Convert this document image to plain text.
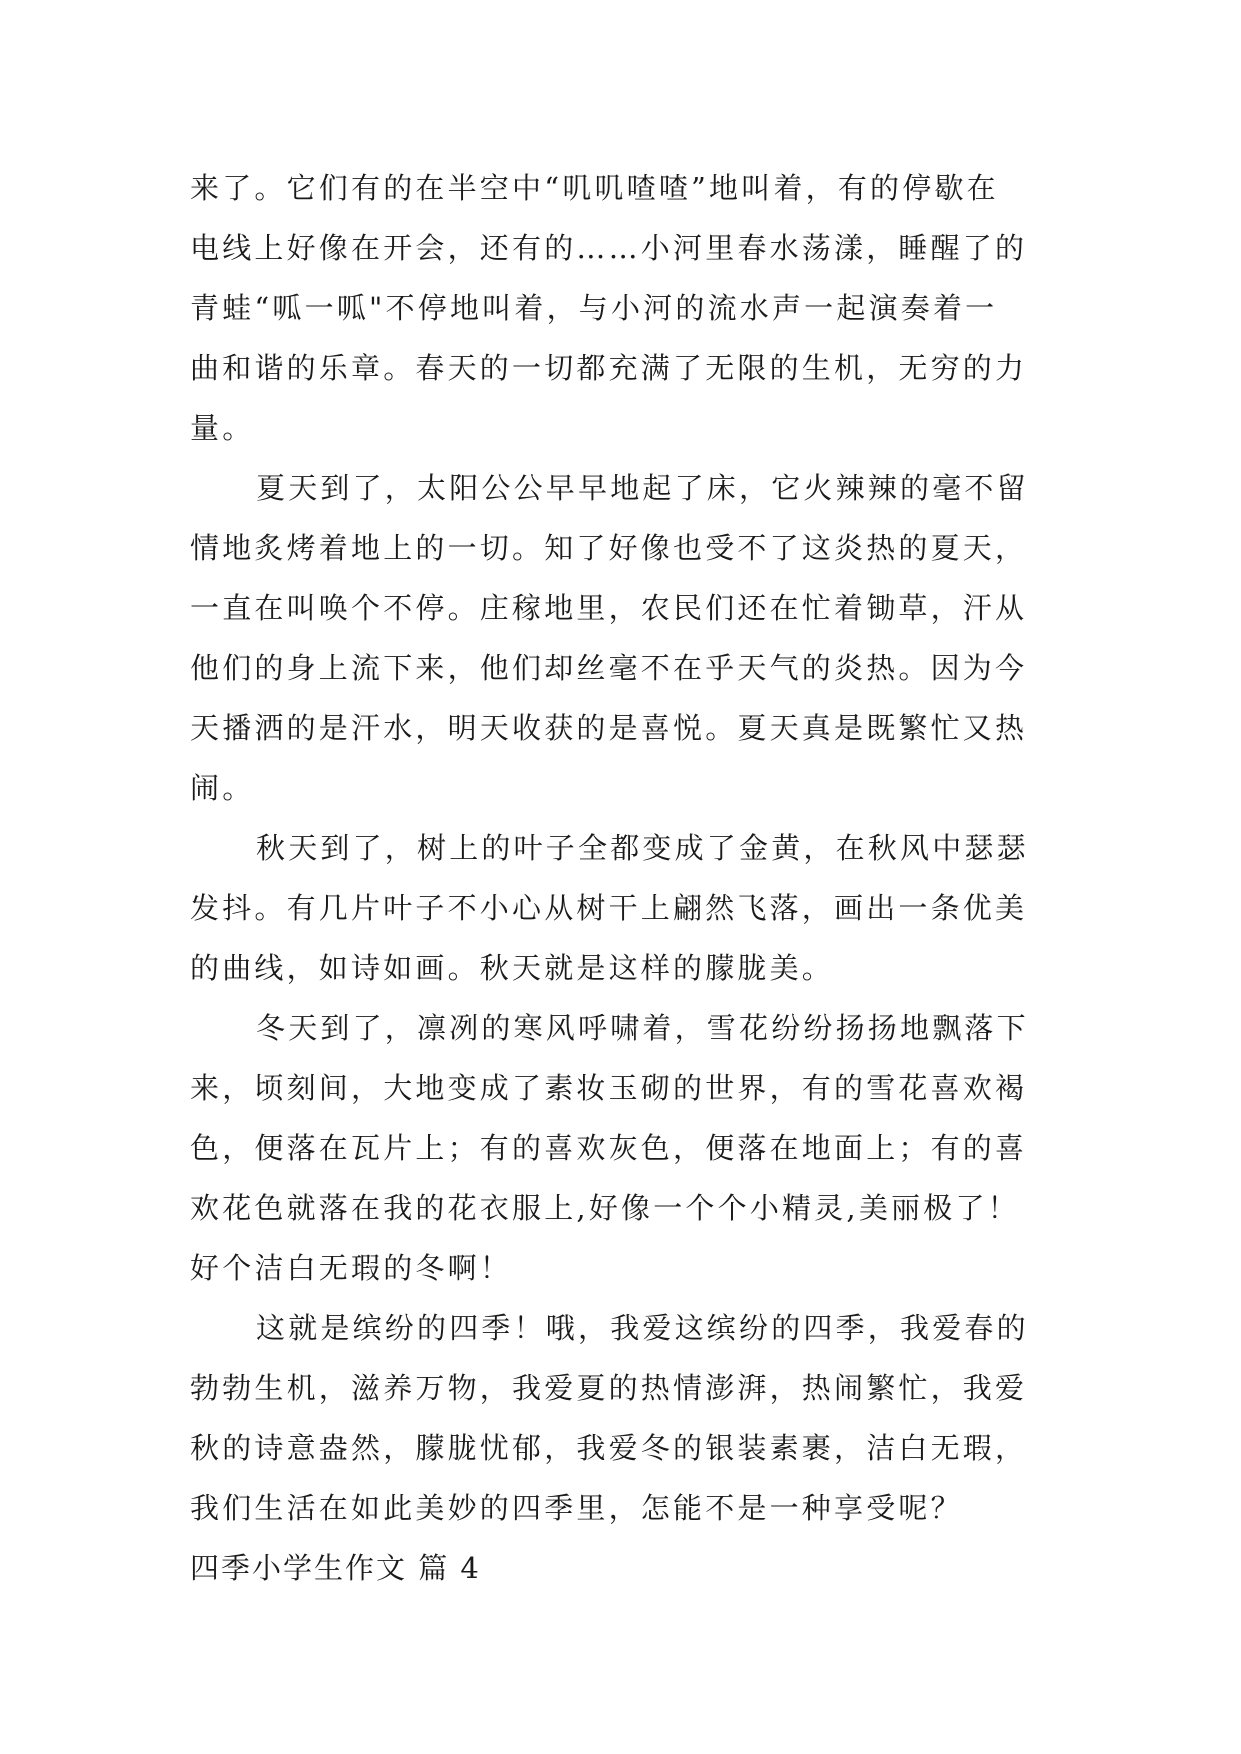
来了。它们有的在半空中“叽叽喳喳”地叫着，有的停歇在
电线上好像在开会，还有的……小河里春水荡漾，睡醒了的
青蛙“呱一呱"不停地叫着，与小河的流水声一起演奏着一
曲和谐的乐章。春天的一切都充满了无限的生机，无穷的力
量。
夏天到了，太阳公公早早地起了床，它火辣辣的毫不留
情地炙烤着地上的一切。知了好像也受不了这炎热的夏天，
一直在叫唤个不停。庄稼地里，农民们还在忙着锄草，汗从
他们的身上流下来，他们却丝毫不在乎天气的炎热。因为今
天播洒的是汗水，明天收获的是喜悦。夏天真是既繁忙又热
闹。
秋天到了，树上的叶子全都变成了金黄，在秋风中瑟瑟
发抖。有几片叶子不小心从树干上翩然飞落，画出一条优美
的曲线，如诗如画。秋天就是这样的朦胧美。
冬天到了，凛冽的寒风呼啸着，雪花纷纷扬扬地飘落下
来，顷刻间，大地变成了素妆玉砌的世界，有的雪花喜欢褐
色，便落在瓦片上；有的喜欢灰色，便落在地面上；有的喜
欢花色就落在我的花衣服上,好像一个个小精灵,美丽极了！
好个洁白无瑕的冬啊！
这就是缤纷的四季！哦，我爱这缤纷的四季，我爱春的
勃勃生机，滋养万物，我爱夏的热情澎湃，热闹繁忙，我爱
秋的诗意盎然，朦胧忧郁，我爱冬的银装素裹，洁白无瑕，
我们生活在如此美妙的四季里，怎能不是一种享受呢？
四季小学生作文 篇 4
